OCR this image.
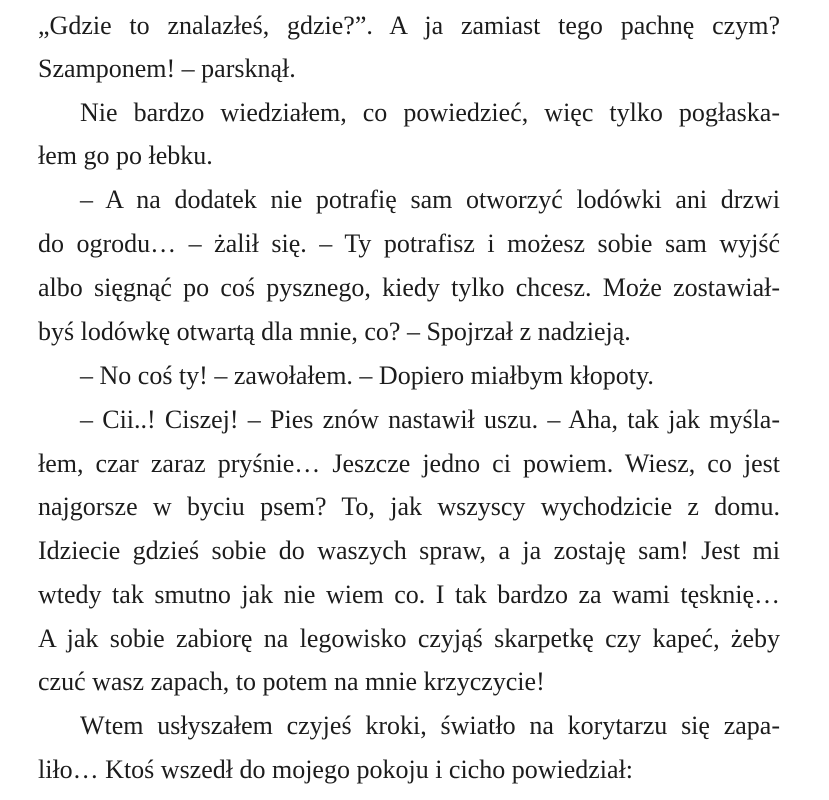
„Gdzie to znalazłeś, gdzie?”. A ja zamiast tego pachnę czym?

Szamponem! – parsknął.

Nie bardzo wiedziałem, co powiedzieć, więc tylko pogłaska-

łem go po łebku.

– A na dodatek nie potrafię sam otworzyć lodówki ani drzwi

do ogrodu… – żalił się. – Ty potrafisz i możesz sobie sam wyjść

albo sięgnąć po coś pysznego, kiedy tylko chcesz. Może zostawiał-

byś lodówkę otwartą dla mnie, co? – Spojrzał z nadzieją.

– No coś ty! – zawołałem. – Dopiero miałbym kłopoty.

– Cii..! Ciszej! – Pies znów nastawił uszu. – Aha, tak jak myśla-

łem, czar zaraz pryśnie… Jeszcze jedno ci powiem. Wiesz, co jest

najgorsze w byciu psem? To, jak wszyscy wychodzicie z domu.

Idziecie gdzieś sobie do waszych spraw, a ja zostaję sam! Jest mi

wtedy tak smutno jak nie wiem co. I tak bardzo za wami tęsknię…

A jak sobie zabiorę na legowisko czyjąś skarpetkę czy kapeć, żeby

czuć wasz zapach, to potem na mnie krzyczycie!

Wtem usłyszałem czyjeś kroki, światło na korytarzu się zapa-

liło… Ktoś wszedł do mojego pokoju i cicho powiedział:
